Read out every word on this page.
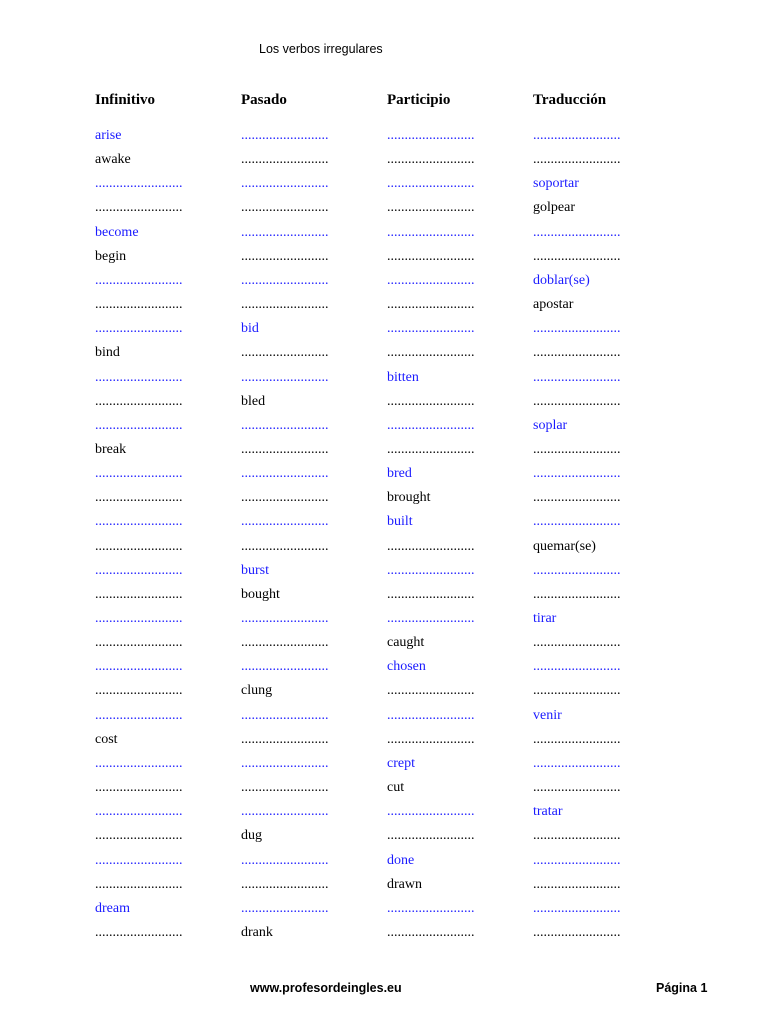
Los verbos irregulares
Infinitivo	Pasado	Participio	Traducción
arise	.........................	.........................	.........................
awake	.........................	.........................	.........................
.........................	.........................	.........................	soportar
.........................	.........................	.........................	golpear
become	.........................	.........................	.........................
begin	.........................	.........................	.........................
.........................	.........................	.........................	doblar(se)
.........................	.........................	.........................	apostar
.........................	bid	.........................	.........................
bind	.........................	.........................	.........................
.........................	.........................	bitten	.........................
.........................	bled	.........................	.........................
.........................	.........................	.........................	soplar
break	.........................	.........................	.........................
.........................	.........................	bred	.........................
.........................	.........................	brought	.........................
.........................	.........................	built	.........................
.........................	.........................	.........................	quemar(se)
.........................	burst	.........................	.........................
.........................	bought	.........................	.........................
.........................	.........................	.........................	tirar
.........................	.........................	caught	.........................
.........................	.........................	chosen	.........................
.........................	clung	.........................	.........................
.........................	.........................	.........................	venir
cost	.........................	.........................	.........................
.........................	.........................	crept	.........................
.........................	.........................	cut	.........................
.........................	.........................	.........................	tratar
.........................	dug	.........................	.........................
.........................	.........................	done	.........................
.........................	.........................	drawn	.........................
dream	.........................	.........................	.........................
.........................	drank	.........................	.........................
www.profesordeingles.eu	Página 1
